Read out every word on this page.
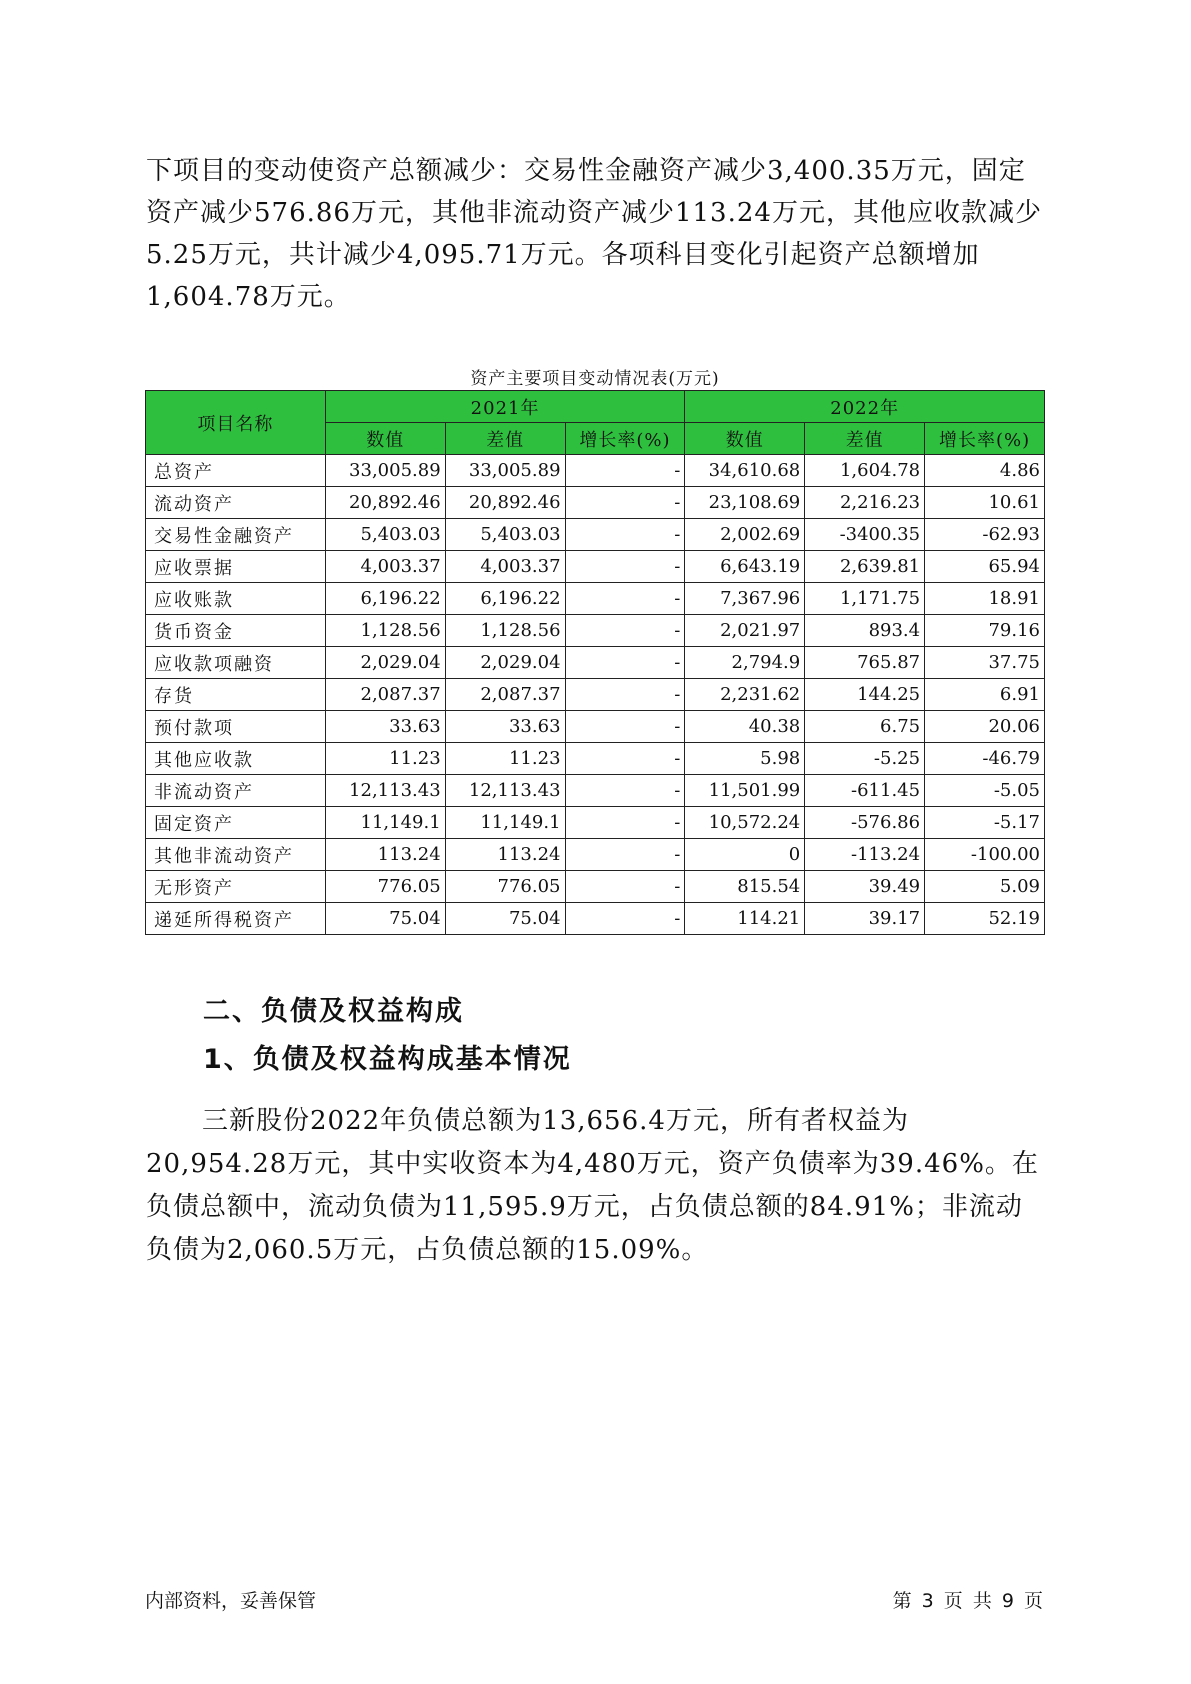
下项目的变动使资产总额减少：交易性金融资产减少3,400.35万元，固定

资产减少576.86万元，其他非流动资产减少113.24万元，其他应收款减少

5.25万元，共计减少4,095.71万元。各项科目变化引起资产总额增加

1,604.78万元。

资产主要项目变动情况表(万元)
项目名称	2021年			2022年		
	数值	差值	增长率(%)	数值	差值	增长率(%)
总资产	33,005.89	33,005.89	-	34,610.68	1,604.78	4.86
流动资产	20,892.46	20,892.46	-	23,108.69	2,216.23	10.61
交易性金融资产	5,403.03	5,403.03	-	2,002.69	-3400.35	-62.93
应收票据	4,003.37	4,003.37	-	6,643.19	2,639.81	65.94
应收账款	6,196.22	6,196.22	-	7,367.96	1,171.75	18.91
货币资金	1,128.56	1,128.56	-	2,021.97	893.4	79.16
应收款项融资	2,029.04	2,029.04	-	2,794.9	765.87	37.75
存货	2,087.37	2,087.37	-	2,231.62	144.25	6.91
预付款项	33.63	33.63	-	40.38	6.75	20.06
其他应收款	11.23	11.23	-	5.98	-5.25	-46.79
非流动资产	12,113.43	12,113.43	-	11,501.99	-611.45	-5.05
固定资产	11,149.1	11,149.1	-	10,572.24	-576.86	-5.17
其他非流动资产	113.24	113.24	-	0	-113.24	-100.00
无形资产	776.05	776.05	-	815.54	39.49	5.09
递延所得税资产	75.04	75.04	-	114.21	39.17	52.19
二、负债及权益构成
1、负债及权益构成基本情况

三新股份2022年负债总额为13,656.4万元，所有者权益为20,954.28万元，其中实收资本为4,480万元，资产负债率为39.46%。在负债总额中，流动负债为11,595.9万元，占负债总额的84.91%；非流动负债为2,060.5万元，占负债总额的15.09%。

内部资料，妥善保管	第 3 页 共 9 页
